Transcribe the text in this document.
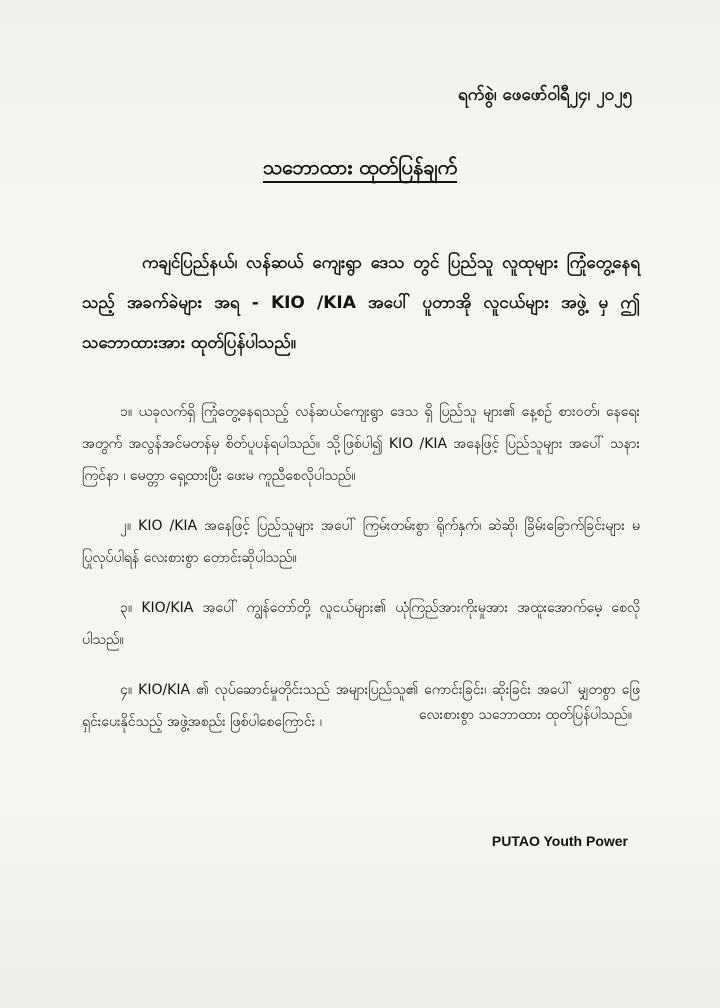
ရက်စွဲ၊ ဖေဖော်ဝါရီ၂၄၊ ၂၀၂၅
သဘောထား ထုတ်ပြန်ချက်

ကချင်ပြည်နယ်၊ လန်ဆယ် ကျေးရွာ ဒေသ တွင် ပြည်သူ လူထုများ ကြုံတွေ့နေရသည့် အခက်ခဲများ အရ - KIO /KIA အပေါ် ပူတာအို လူငယ်များ အဖွဲ့ မှ ဤ သဘောထားအား ထုတ်ပြန်ပါသည်။

၁။ ယခုလက်ရှိ ကြုံတွေ့နေရသည့် လန်ဆယ်ကျေးရွာ ဒေသ ရှိ ပြည်သူ များ၏ နေ့စဉ် စားဝတ်၊ နေရေး အတွက် အလွန်အင်မတန်မှ စိတ်ပူပန်ရပါသည်။ သို့ဖြစ်ပါ၍ KIO /KIA အနေဖြင့် ပြည်သူများ အပေါ် သနားကြင်နာ ၊ မေတ္တာ ရှေ့ထားပြီး ဖေးမ ကူညီစေလိုပါသည်။
၂။ KIO /KIA အနေဖြင့် ပြည်သူများ အပေါ် ကြမ်းတမ်းစွာ ရိုက်နှက်၊ ဆဲဆို၊ ခြိမ်းခြောက်ခြင်းများ မပြုလုပ်ပါရန် လေးစားစွာ တောင်းဆိုပါသည်။
၃။ KIO/KIA အပေါ် ကျွန်တော်တို့ လူငယ်များ၏ ယုံကြည်အားကိုးမှုအား အထူးအောက်မေ့ စေလိုပါသည်။
၄။ KIO/KIA ၏ လုပ်ဆောင်မှုတိုင်းသည် အများပြည်သူ၏ ကောင်းခြင်း၊ ဆိုးခြင်း အပေါ် မျှတစွာ ဖြေရှင်းပေးနိုင်သည့် အဖွဲ့အစည်း ဖြစ်ပါစေကြောင်း ၊	လေးစားစွာ သဘောထား ထုတ်ပြန်ပါသည်။
PUTAO Youth Power
